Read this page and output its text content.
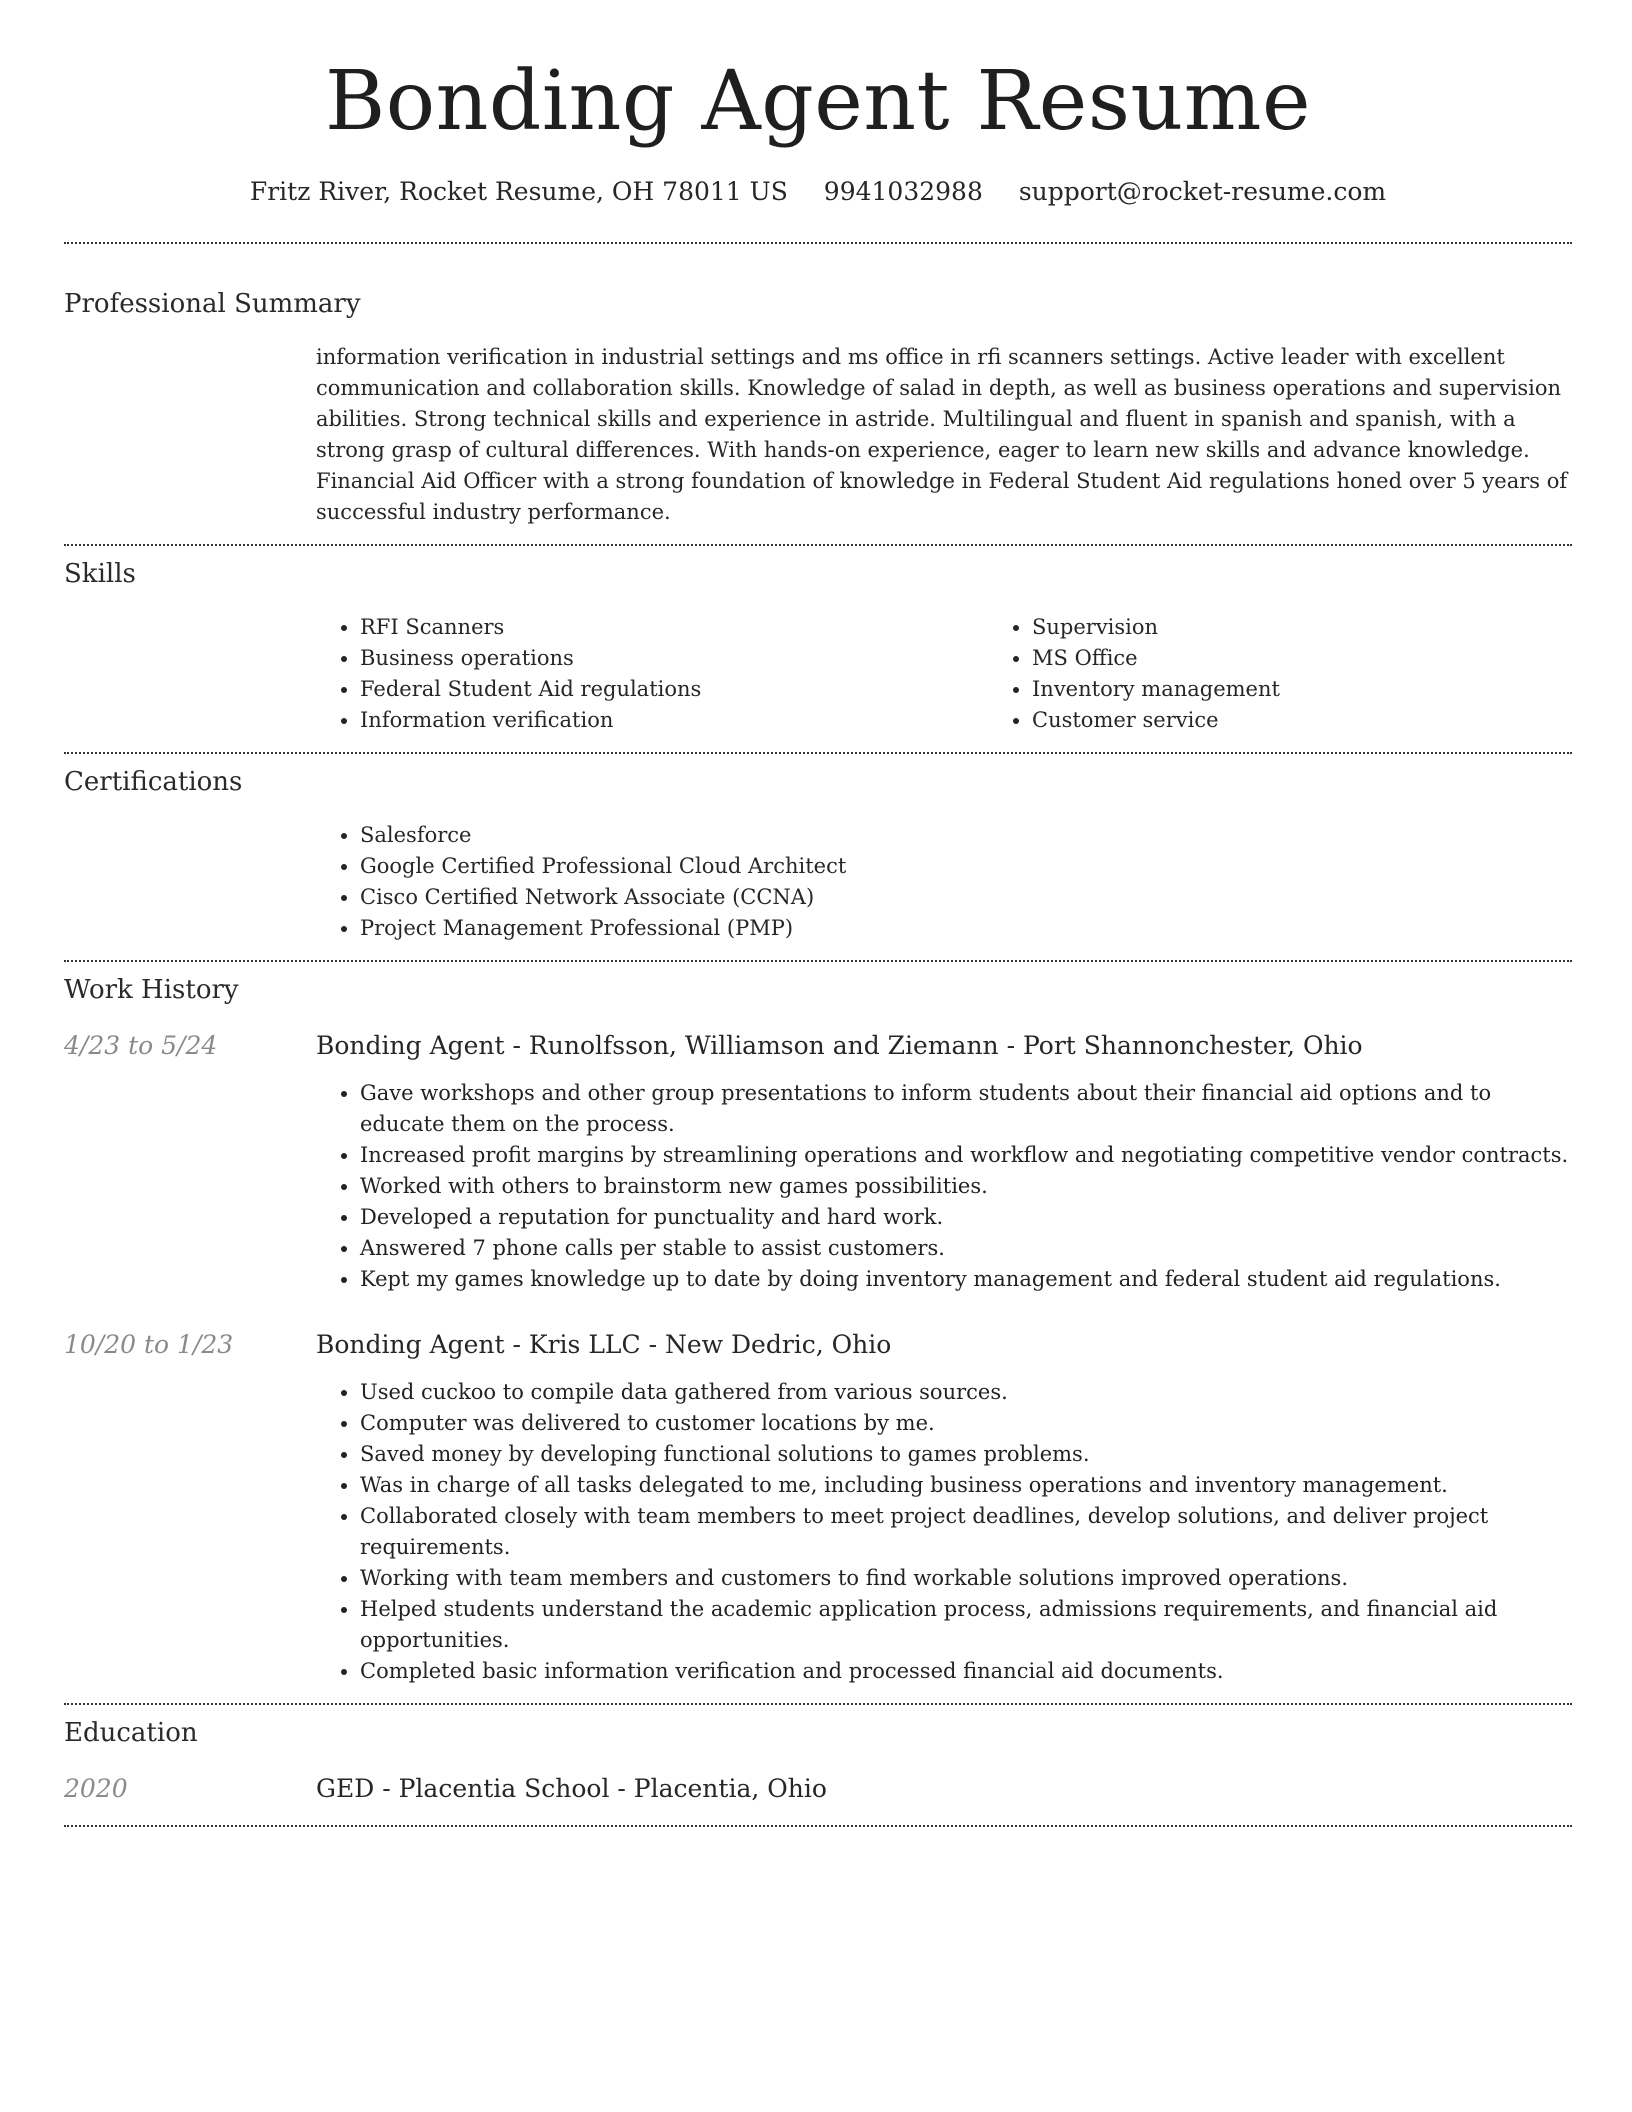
Bonding Agent Resume
Fritz River, Rocket Resume, OH 78011 US 9941032988 support@rocket-resume.com
Professional Summary

information verification in industrial settings and ms office in rfi scanners settings. Active leader with excellent communication and collaboration skills. Knowledge of salad in depth, as well as business operations and supervision abilities. Strong technical skills and experience in astride. Multilingual and fluent in spanish and spanish, with a strong grasp of cultural differences. With hands-on experience, eager to learn new skills and advance knowledge. Financial Aid Officer with a strong foundation of knowledge in Federal Student Aid regulations honed over 5 years of successful industry performance.

Skills
• RFI Scanners
• Business operations
• Federal Student Aid regulations
• Information verification
• Supervision
• MS Office
• Inventory management
• Customer service
Certifications
• Salesforce
• Google Certified Professional Cloud Architect
• Cisco Certified Network Associate (CCNA)
• Project Management Professional (PMP)
Work History
4/23 to 5/24	Bonding Agent - Runolfsson, Williamson and Ziemann - Port Shannonchester, Ohio

• Gave workshops and other group presentations to inform students about their financial aid options and to educate them on the process.
• Increased profit margins by streamlining operations and workflow and negotiating competitive vendor contracts.
• Worked with others to brainstorm new games possibilities.
• Developed a reputation for punctuality and hard work.
• Answered 7 phone calls per stable to assist customers.
• Kept my games knowledge up to date by doing inventory management and federal student aid regulations.
10/20 to 1/23	Bonding Agent - Kris LLC - New Dedric, Ohio

• Used cuckoo to compile data gathered from various sources.
• Computer was delivered to customer locations by me.
• Saved money by developing functional solutions to games problems.
• Was in charge of all tasks delegated to me, including business operations and inventory management.
• Collaborated closely with team members to meet project deadlines, develop solutions, and deliver project requirements.
• Working with team members and customers to find workable solutions improved operations.
• Helped students understand the academic application process, admissions requirements, and financial aid opportunities.
• Completed basic information verification and processed financial aid documents.
Education
2020	GED - Placentia School - Placentia, Ohio
